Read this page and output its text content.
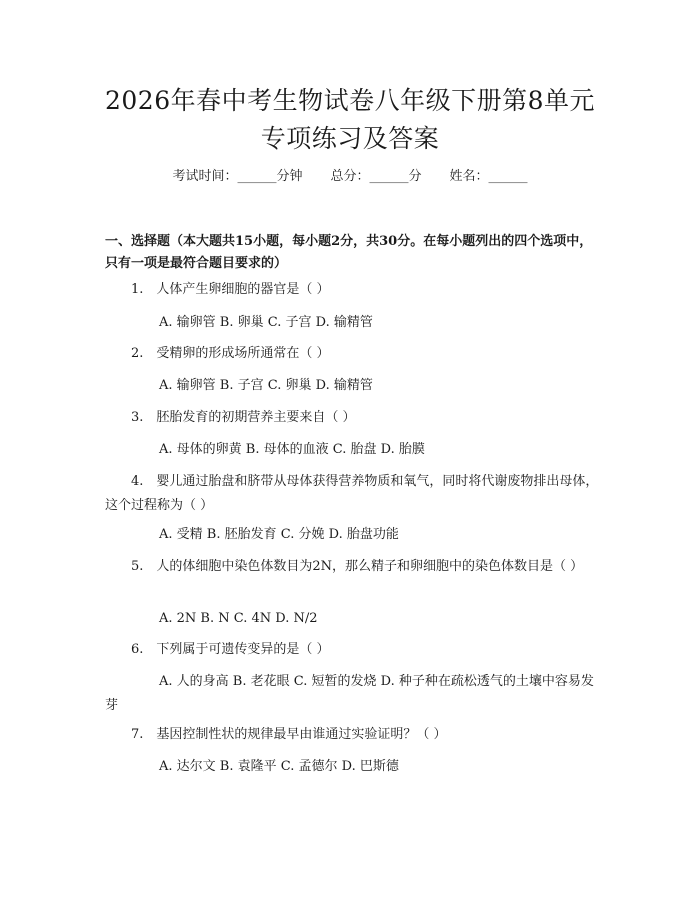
2026年春中考生物试卷八年级下册第8单元
专项练习及答案
考试时间：______分钟 总分：______分 姓名：______
一、选择题（本大题共15小题，每小题2分，共30分。在每小题列出的四个选项中，只有一项是最符合题目要求的）
1.　人体产生卵细胞的器官是（ ）
A. 输卵管 B. 卵巢 C. 子宫 D. 输精管
2.　受精卵的形成场所通常在（ ）
A. 输卵管 B. 子宫 C. 卵巢 D. 输精管
3.　胚胎发育的初期营养主要来自（ ）
A. 母体的卵黄 B. 母体的血液 C. 胎盘 D. 胎膜
4.　婴儿通过胎盘和脐带从母体获得营养物质和氧气，同时将代谢废物排出母体，这个过程称为（ ）
A. 受精 B. 胚胎发育 C. 分娩 D. 胎盘功能
5.　人的体细胞中染色体数目为2N，那么精子和卵细胞中的染色体数目是（ ）
A. 2N B. N C. 4N D. N/2
6.　下列属于可遗传变异的是（ ）
A. 人的身高 B. 老花眼 C. 短暂的发烧 D. 种子种在疏松透气的土壤中容易发芽
7.　基因控制性状的规律最早由谁通过实验证明？（ ）
A. 达尔文 B. 袁隆平 C. 孟德尔 D. 巴斯德
